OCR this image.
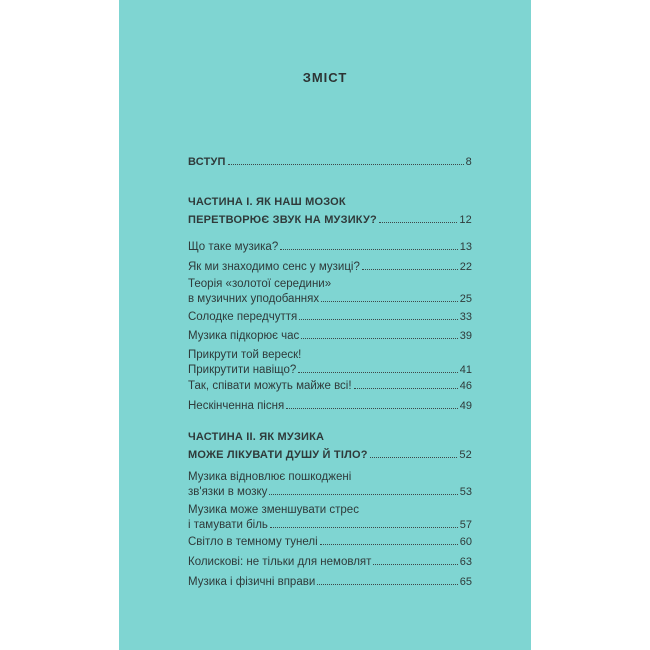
ЗМІСТ
ВСТУП	8
ЧАСТИНА І. ЯК НАШ МОЗОК
ПЕРЕТВОРЮЄ ЗВУК НА МУЗИКУ?	12
Що таке музика?	13
Як ми знаходимо сенс у музиці?	22
Теорія «золотої середини»
в музичних уподобаннях	25
Солодке передчуття	33
Музика підкорює час	39
Прикрути той вереск!
Прикрутити навіщо?	41
Так, співати можуть майже всі!	46
Нескінченна пісня	49
ЧАСТИНА ІІ. ЯК МУЗИКА
МОЖЕ ЛІКУВАТИ ДУШУ Й ТІЛО?	52
Музика відновлює пошкоджені
зв'язки в мозку	53
Музика може зменшувати стрес
і тамувати біль	57
Світло в темному тунелі	60
Колискові: не тільки для немовлят	63
Музика і фізичні вправи	65
